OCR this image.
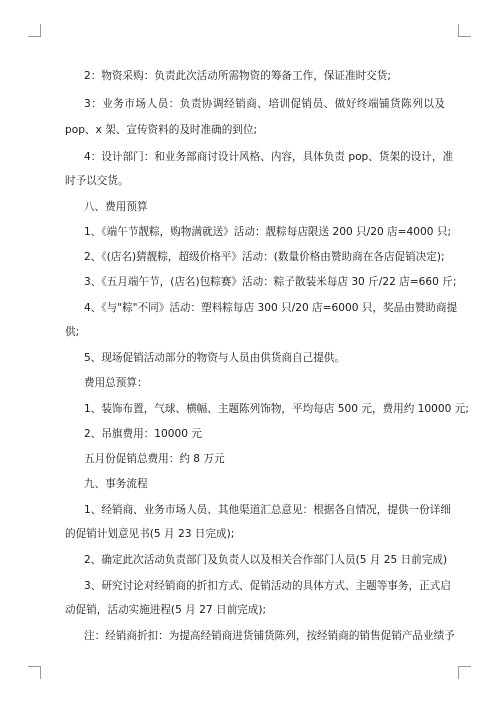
2：物资采购：负责此次活动所需物资的筹备工作，保证准时交货;
3：业务市场人员：负责协调经销商、培训促销员、做好终端铺货陈列以及
pop、x 架、宣传资料的及时准确的到位;
4：设计部门：和业务部商讨设计风格、内容，具体负责 pop、货架的设计，准
时予以交货。
八、费用预算
1、《端午节靓粽，购物满就送》活动：靓粽每店限送 200 只/20 店=4000 只;
2、《(店名)猜靓粽，超级价格平》活动：(数量价格由赞助商在各店促销决定);
3、《五月端午节，(店名)包粽赛》活动：粽子散装米每店 30 斤/22 店=660 斤;
4、《与"粽"不同》活动：塑料粽每店 300 只/20 店=6000 只，奖品由赞助商提
供;
5、现场促销活动部分的物资与人员由供货商自己提供。
费用总预算：
1、装饰布置，气球、横幅、主题陈列饰物，平均每店 500 元，费用约 10000 元;
2、吊旗费用：10000 元
五月份促销总费用：约 8 万元
九、事务流程
1、经销商、业务市场人员、其他渠道汇总意见：根据各自情况，提供一份详细
的促销计划意见书(5 月 23 日完成);
2、确定此次活动负责部门及负责人以及相关合作部门人员(5 月 25 日前完成)
3、研究讨论对经销商的折扣方式、促销活动的具体方式、主题等事务，正式启
动促销，活动实施进程(5 月 27 日前完成);
注：经销商折扣：为提高经销商进货铺货陈列，按经销商的销售促销产品业绩予
